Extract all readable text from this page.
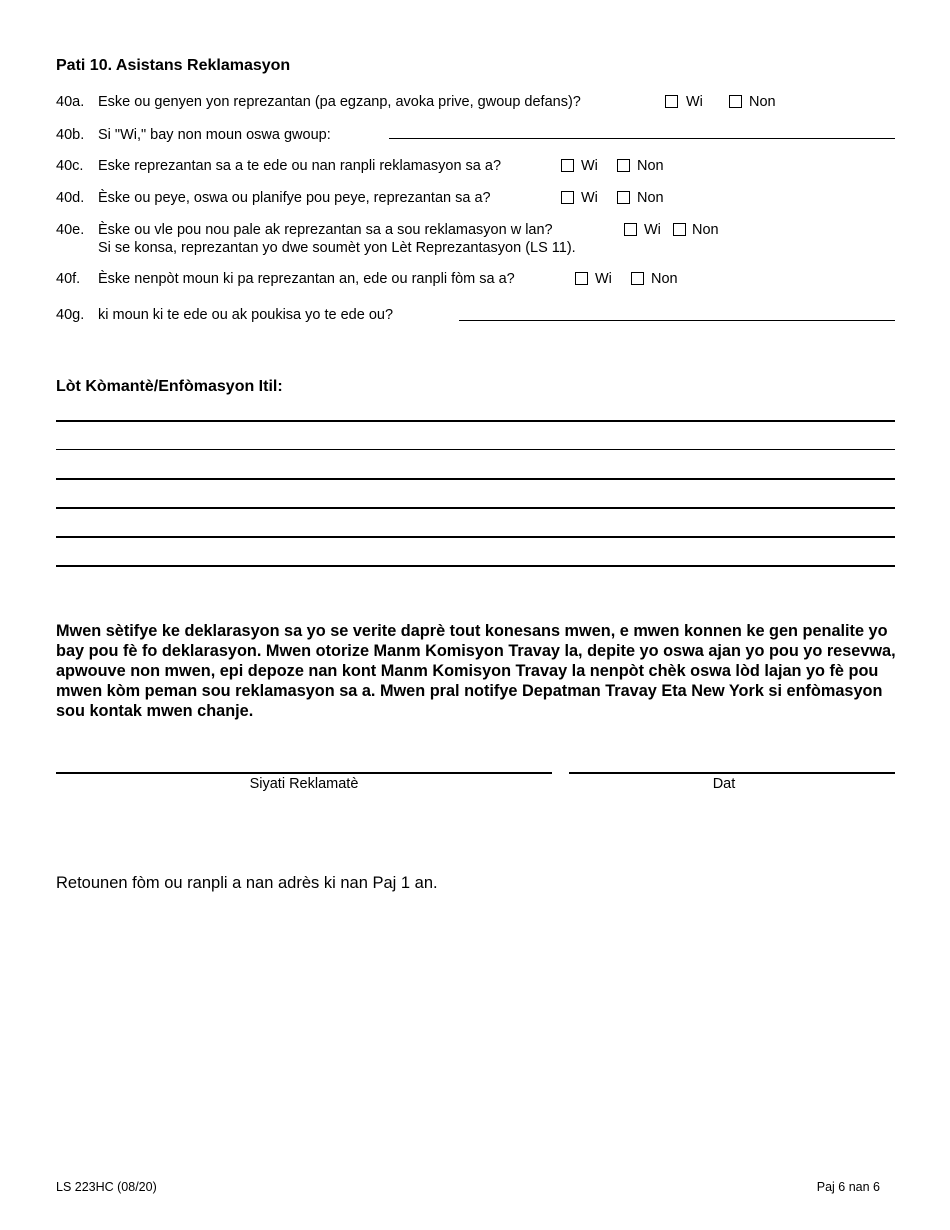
Pati 10. Asistans Reklamasyon
40a. Eske ou genyen yon reprezantan (pa egzanp, avoka prive, gwoup defans)?	Wi	Non
40b. Si "Wi," bay non moun oswa gwoup:
40c. Eske reprezantan sa a te ede ou nan ranpli reklamasyon sa a?	Wi	Non
40d. Èske ou peye, oswa ou planifye pou peye, reprezantan sa a?	Wi	Non
40e. Èske ou vle pou nou pale ak reprezantan sa a sou reklamasyon w lan?
Si se konsa, reprezantan yo dwe soumèt yon Lèt Reprezantasyon (LS 11).
Wi Non
40f. Èske nenpòt moun ki pa reprezantan an, ede ou ranpli fòm sa a?	Wi	Non
40g. ki moun ki te ede ou ak poukisa yo te ede ou?
Lòt Kòmantè/Enfòmasyon Itil:
Mwen sètifye ke deklarasyon sa yo se verite daprè tout konesans mwen, e mwen konnen ke gen penalite yo bay pou fè fo deklarasyon. Mwen otorize Manm Komisyon Travay la, depite yo oswa ajan yo pou yo resevwa, apwouve non mwen, epi depoze nan kont Manm Komisyon Travay la nenpòt chèk oswa lòd lajan yo fè pou mwen kòm peman sou reklamasyon sa a. Mwen pral notifye Depatman Travay Eta New York si enfòmasyon sou kontak mwen chanje.
Siyati Reklamatè	Dat
Retounen fòm ou ranpli a nan adrès ki nan Paj 1 an.
LS 223HC (08/20)	Paj 6 nan 6
